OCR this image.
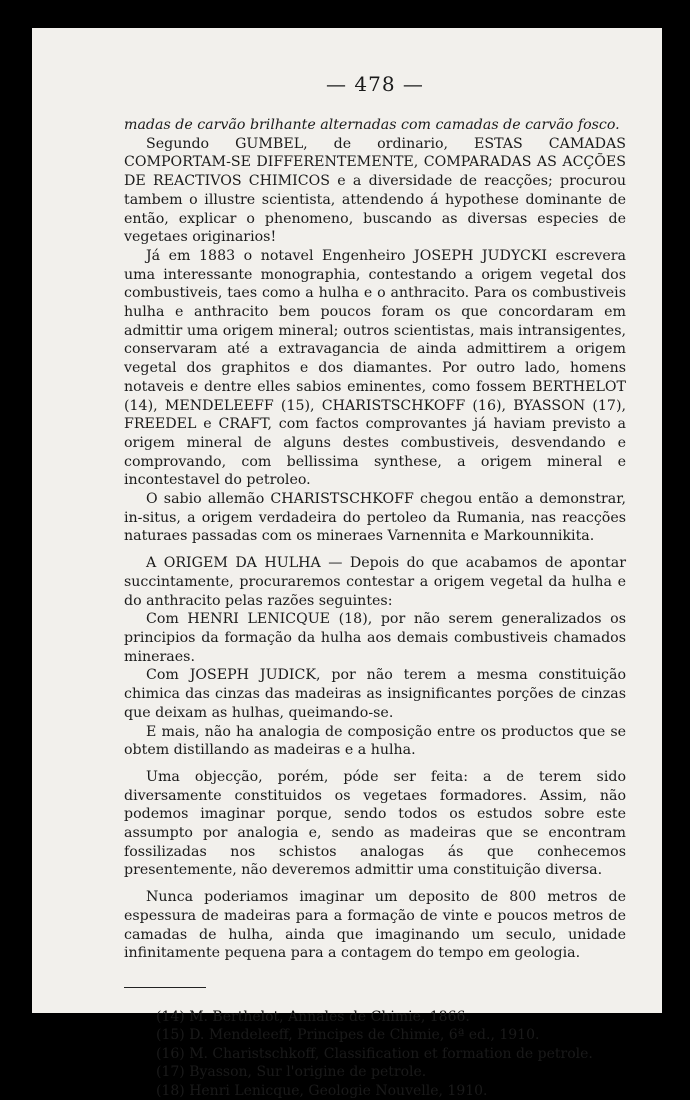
— 478 —

madas de carvão brilhante alternadas com camadas de carvão fosco.

Segundo GUMBEL, de ordinario, ESTAS CAMADAS COMPORTAM-SE DIFFERENTEMENTE, COMPARADAS AS ACÇÕES DE REACTIVOS CHIMICOS e a diversidade de reacções; procurou tambem o illustre scientista, attendendo á hypothese dominante de então, explicar o phenomeno, buscando as diversas especies de vegetaes originarios!

Já em 1883 o notavel Engenheiro JOSEPH JUDYCKI escrevera uma interessante monographia, contestando a origem vegetal dos combustiveis, taes como a hulha e o anthracito. Para os combustiveis hulha e anthracito bem poucos foram os que concordaram em admittir uma origem mineral; outros scientistas, mais intransigentes, conservaram até a extravagancia de ainda admittirem a origem vegetal dos graphitos e dos diamantes. Por outro lado, homens notaveis e dentre elles sabios eminentes, como fossem BERTHELOT (14), MENDELEEFF (15), CHARISTSCHKOFF (16), BYASSON (17), FREEDEL e CRAFT, com factos comprovantes já haviam previsto a origem mineral de alguns destes combustiveis, desvendando e comprovando, com bellissima synthese, a origem mineral e incontestavel do petroleo.

O sabio allemão CHARISTSCHKOFF chegou então a demonstrar, in-situs, a origem verdadeira do pertoleo da Rumania, nas reacções naturaes passadas com os mineraes Varnennita e Markounnikita.

A ORIGEM DA HULHA — Depois do que acabamos de apontar succintamente, procuraremos contestar a origem vegetal da hulha e do anthracito pelas razões seguintes:

Com HENRI LENICQUE (18), por não serem generalizados os principios da formação da hulha aos demais combustiveis chamados mineraes.

Com JOSEPH JUDICK, por não terem a mesma constituição chimica das cinzas das madeiras as insignificantes porções de cinzas que deixam as hulhas, queimando-se.

E mais, não ha analogia de composição entre os productos que se obtem distillando as madeiras e a hulha.

Uma objecção, porém, póde ser feita: a de terem sido diversamente constituidos os vegetaes formadores. Assim, não podemos imaginar porque, sendo todos os estudos sobre este assumpto por analogia e, sendo as madeiras que se encontram fossilizadas nos schistos analogas ás que conhecemos presentemente, não deveremos admittir uma constituição diversa.

Nunca poderiamos imaginar um deposito de 800 metros de espessura de madeiras para a formação de vinte e poucos metros de camadas de hulha, ainda que imaginando um seculo, unidade infinitamente pequena para a contagem do tempo em geologia.

(14) M. Berthelot, Annales de Chimie, 1866.

(15) D. Mendeleeff, Principes de Chimie, 6ª ed., 1910.

(16) M. Charistschkoff, Classification et formation de petrole.

(17) Byasson, Sur l'origine de petrole.

(18) Henri Lenicque, Geologie Nouvelle, 1910.
